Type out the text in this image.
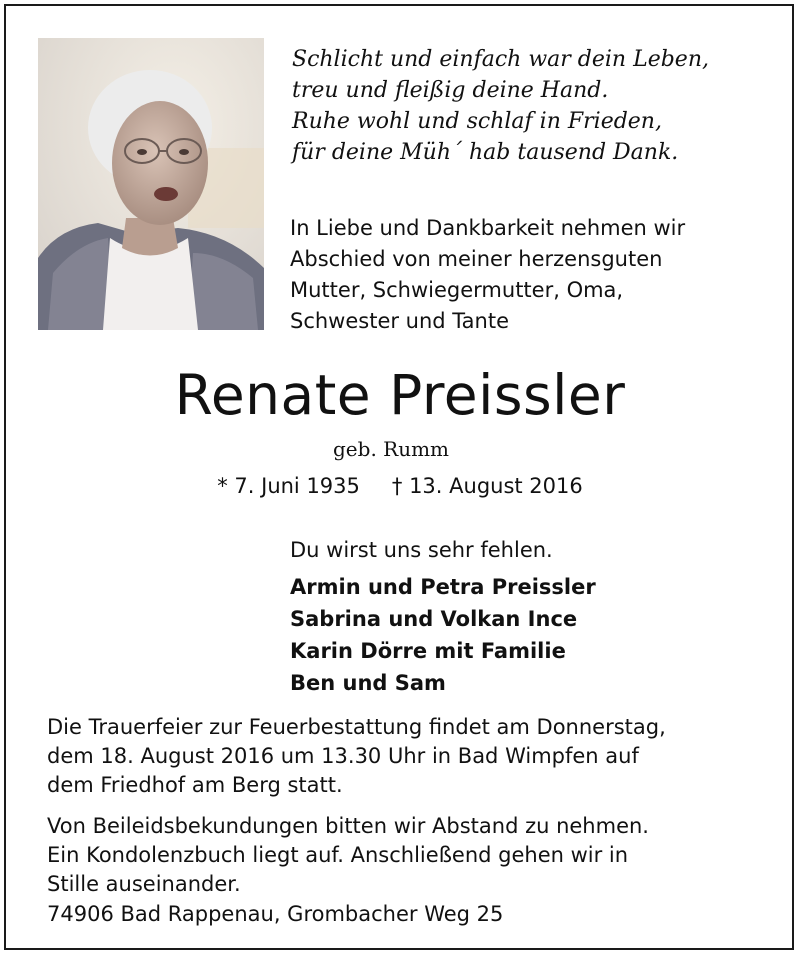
Schlicht und einfach war dein Leben,
treu und fleißig deine Hand.
Ruhe wohl und schlaf in Frieden,
für deine Müh´ hab tausend Dank.
In Liebe und Dankbarkeit nehmen wir
Abschied von meiner herzensguten
Mutter, Schwiegermutter, Oma,
Schwester und Tante
Renate Preissler
geb. Rumm
* 7. Juni 1935 † 13. August 2016
Du wirst uns sehr fehlen.
Armin und Petra Preissler
Sabrina und Volkan Ince
Karin Dörre mit Familie
Ben und Sam
Die Trauerfeier zur Feuerbestattung findet am Donnerstag,
dem 18. August 2016 um 13.30 Uhr in Bad Wimpfen auf
dem Friedhof am Berg statt.
Von Beileidsbekundungen bitten wir Abstand zu nehmen.
Ein Kondolenzbuch liegt auf. Anschließend gehen wir in
Stille auseinander.
74906 Bad Rappenau, Grombacher Weg 25
